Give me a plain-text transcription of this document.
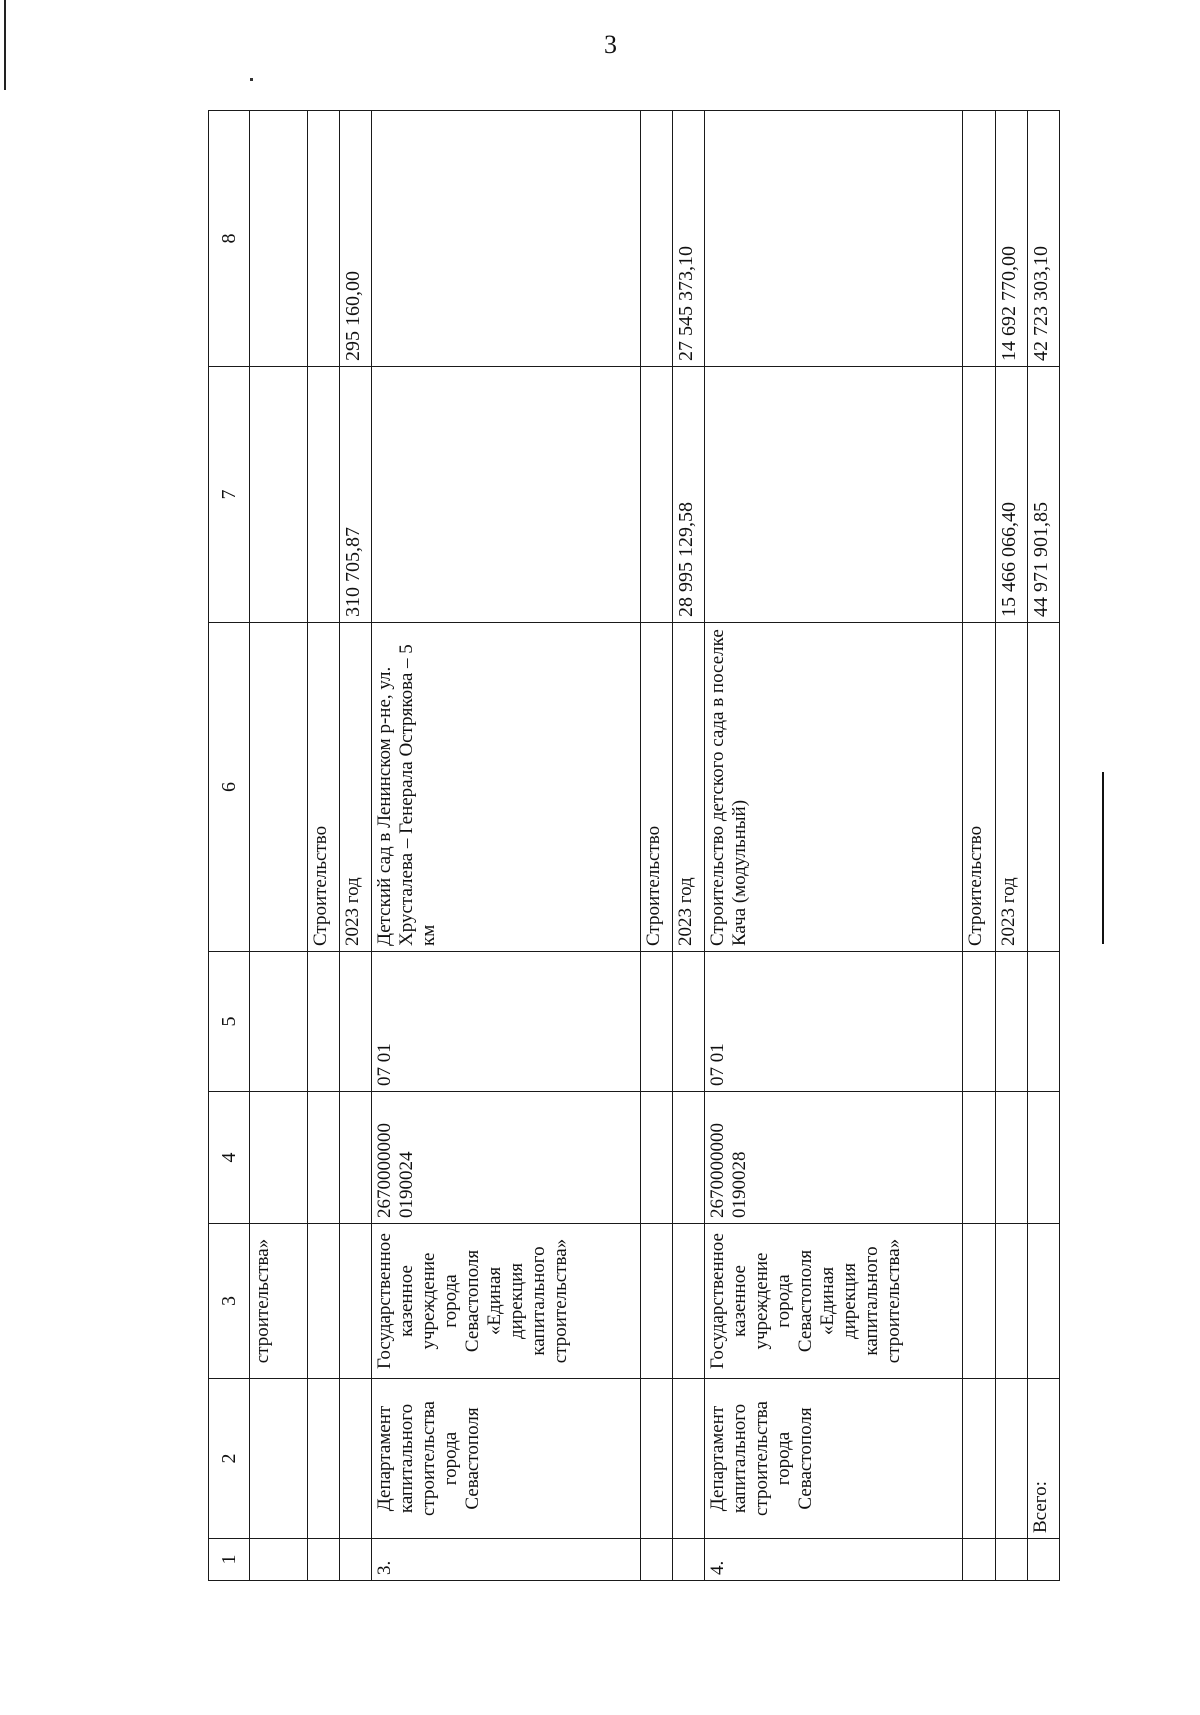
3
1	2	3	4	5	6	7	8
		строительства»					
					Строительство		
					2023 год	310 705,87	295 160,00
3.	Департамент капитального строительства города Севастополя	Государственное казенное учреждение города Севастополя «Единая дирекция капитального строительства»	2670000000 0190024	07 01	Детский сад в Ленинском р-не, ул. Хрусталева – Генерала Острякова – 5 км		
					Строительство		
					2023 год	28 995 129,58	27 545 373,10
4.	Департамент капитального строительства города Севастополя	Государственное казенное учреждение города Севастополя «Единая дирекция капитального строительства»	2670000000 0190028	07 01	Строительство детского сада в поселке Кача (модульный)		
					Строительство		
					2023 год	15 466 066,40	14 692 770,00
	Всего:					44 971 901,85	42 723 303,10
